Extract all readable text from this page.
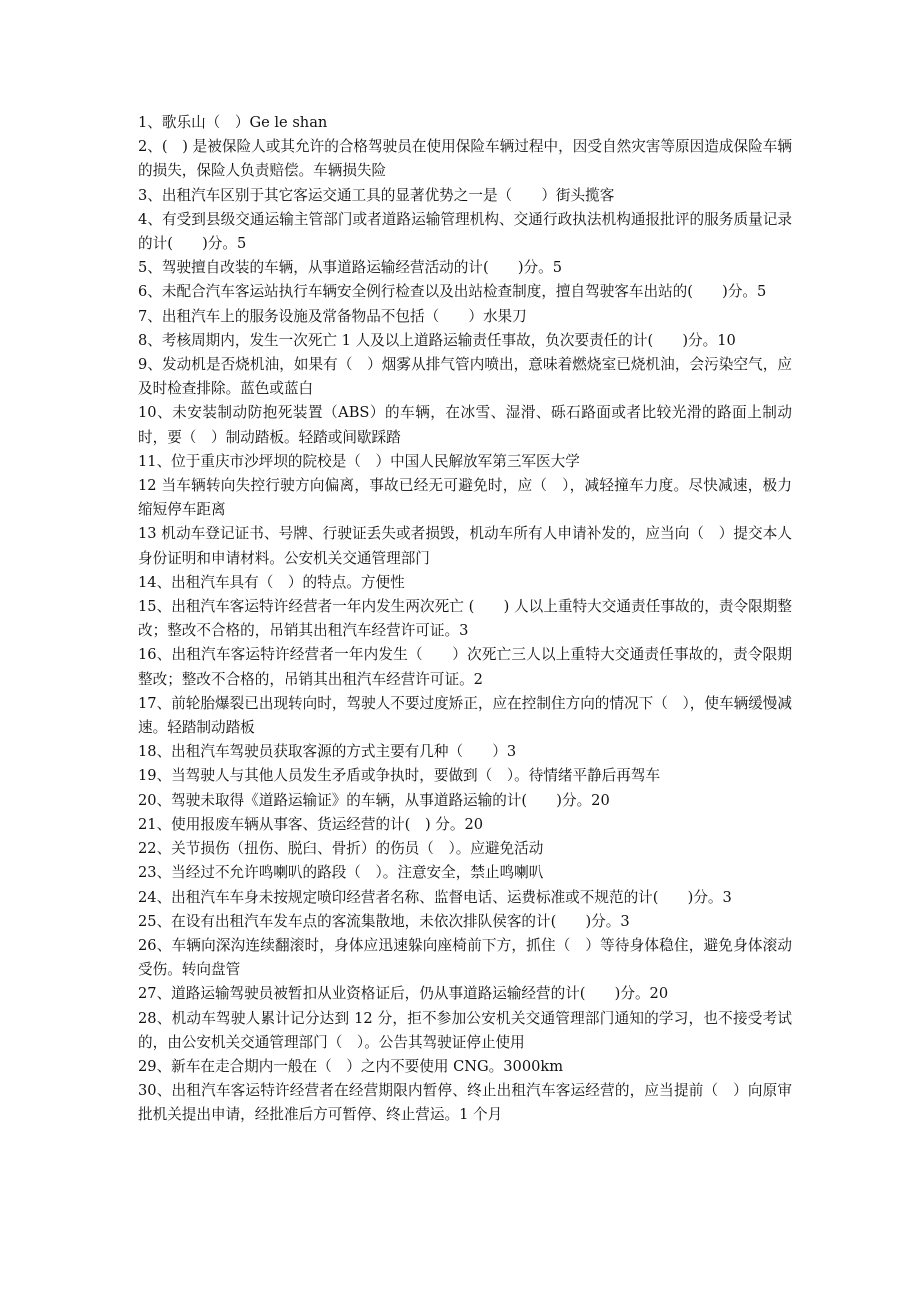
1、歌乐山（　）Ge le shan

2、(　) 是被保险人或其允许的合格驾驶员在使用保险车辆过程中，因受自然灾害等原因造成保险车辆的损失，保险人负责赔偿。车辆损失险

3、出租汽车区别于其它客运交通工具的显著优势之一是（　　）街头揽客

4、有受到县级交通运输主管部门或者道路运输管理机构、交通行政执法机构通报批评的服务质量记录的计(　　)分。5

5、驾驶擅自改装的车辆，从事道路运输经营活动的计(　　)分。5

6、未配合汽车客运站执行车辆安全例行检查以及出站检查制度，擅自驾驶客车出站的(　　)分。5

7、出租汽车上的服务设施及常备物品不包括（　　）水果刀

8、考核周期内，发生一次死亡 1 人及以上道路运输责任事故，负次要责任的计(　　)分。10

9、发动机是否烧机油，如果有（　）烟雾从排气管内喷出，意味着燃烧室已烧机油，会污染空气，应及时检查排除。蓝色或蓝白

10、未安装制动防抱死装置（ABS）的车辆，在冰雪、湿滑、砾石路面或者比较光滑的路面上制动时，要（　）制动踏板。轻踏或间歇踩踏

11、位于重庆市沙坪坝的院校是（　）中国人民解放军第三军医大学

12 当车辆转向失控行驶方向偏离，事故已经无可避免时，应（　），减轻撞车力度。尽快减速，极力缩短停车距离

13 机动车登记证书、号牌、行驶证丢失或者损毁，机动车所有人申请补发的，应当向（　）提交本人身份证明和申请材料。公安机关交通管理部门

14、出租汽车具有（　）的特点。方便性

15、出租汽车客运特许经营者一年内发生两次死亡 (　　) 人以上重特大交通责任事故的，责令限期整改；整改不合格的，吊销其出租汽车经营许可证。3

16、出租汽车客运特许经营者一年内发生（　　）次死亡三人以上重特大交通责任事故的，责令限期整改；整改不合格的，吊销其出租汽车经营许可证。2

17、前轮胎爆裂已出现转向时，驾驶人不要过度矫正，应在控制住方向的情况下（　），使车辆缓慢减速。轻踏制动踏板

18、出租汽车驾驶员获取客源的方式主要有几种（　　）3

19、当驾驶人与其他人员发生矛盾或争执时，要做到（　）。待情绪平静后再驾车

20、驾驶未取得《道路运输证》的车辆，从事道路运输的计(　　)分。20

21、使用报废车辆从事客、货运经营的计(　) 分。20

22、关节损伤（扭伤、脱臼、骨折）的伤员（　）。应避免活动

23、当经过不允许鸣喇叭的路段（　）。注意安全，禁止鸣喇叭

24、出租汽车车身未按规定喷印经营者名称、监督电话、运费标准或不规范的计(　　)分。3

25、在设有出租汽车发车点的客流集散地，未依次排队侯客的计(　　)分。3

26、车辆向深沟连续翻滚时，身体应迅速躲向座椅前下方，抓住（　）等待身体稳住，避免身体滚动受伤。转向盘管

27、道路运输驾驶员被暂扣从业资格证后，仍从事道路运输经营的计(　　)分。20

28、机动车驾驶人累计记分达到 12 分，拒不参加公安机关交通管理部门通知的学习，也不接受考试的，由公安机关交通管理部门（　）。公告其驾驶证停止使用

29、新车在走合期内一般在（　）之内不要使用 CNG。3000km

30、出租汽车客运特许经营者在经营期限内暂停、终止出租汽车客运经营的，应当提前（　）向原审批机关提出申请，经批准后方可暂停、终止营运。1 个月
